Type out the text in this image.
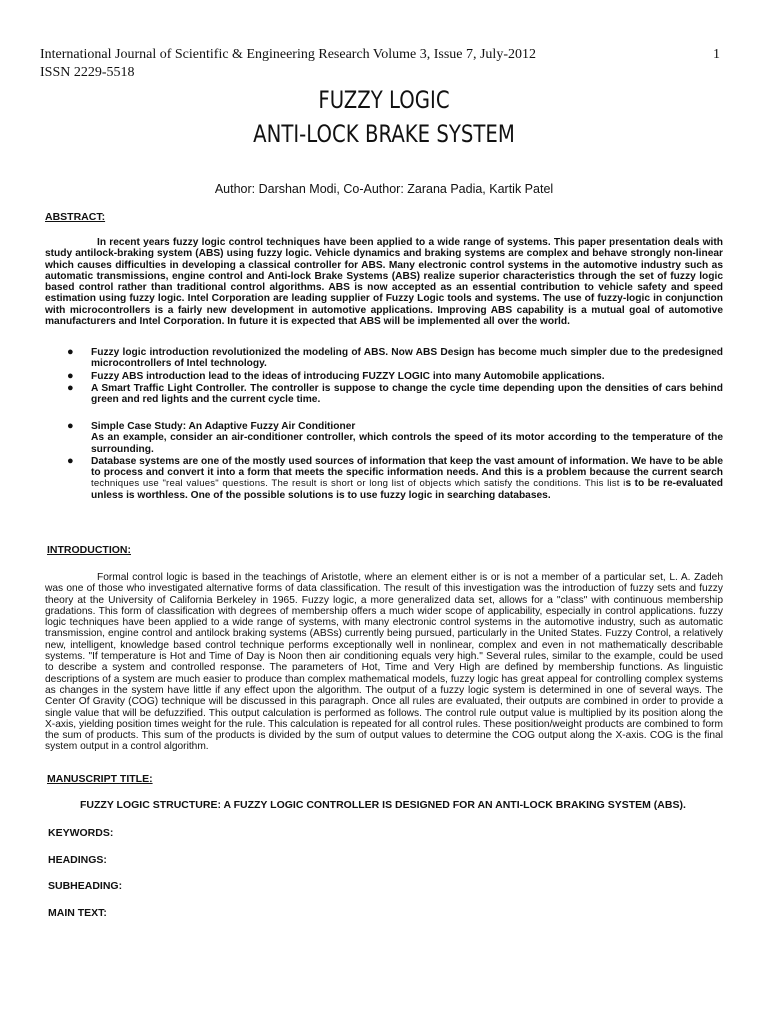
International Journal of Scientific & Engineering Research Volume 3, Issue 7, July-2012
ISSN 2229-5518
1
FUZZY LOGIC
ANTI-LOCK BRAKE SYSTEM
Author: Darshan Modi, Co-Author: Zarana Padia, Kartik Patel
ABSTRACT:
In recent years fuzzy logic control techniques have been applied to a wide range of systems. This paper presentation deals with study antilock-braking system (ABS) using fuzzy logic. Vehicle dynamics and braking systems are complex and behave strongly non-linear which causes difficulties in developing a classical controller for ABS. Many electronic control systems in the automotive industry such as automatic transmissions, engine control and Anti-lock Brake Systems (ABS) realize superior characteristics through the set of fuzzy logic based control rather than traditional control algorithms. ABS is now accepted as an essential contribution to vehicle safety and speed estimation using fuzzy logic. Intel Corporation are leading supplier of Fuzzy Logic tools and systems. The use of fuzzy-logic in conjunction with microcontrollers is a fairly new development in automotive applications. Improving ABS capability is a mutual goal of automotive manufacturers and Intel Corporation. In future it is expected that ABS will be implemented all over the world.
● Fuzzy logic introduction revolutionized the modeling of ABS. Now ABS Design has become much simpler due to the predesigned microcontrollers of Intel technology.
● Fuzzy ABS introduction lead to the ideas of introducing FUZZY LOGIC into many Automobile applications.
● A Smart Traffic Light Controller. The controller is suppose to change the cycle time depending upon the densities of cars behind green and red lights and the current cycle time.
● Simple Case Study: An Adaptive Fuzzy Air Conditioner
As an example, consider an air-conditioner controller, which controls the speed of its motor according to the temperature of the surrounding.
● Database systems are one of the mostly used sources of information that keep the vast amount of information. We have to be able to process and convert it into a form that meets the specific information needs. And this is a problem because the current search techniques use "real values" questions. The result is short or long list of objects which satisfy the conditions. This list is to be re-evaluated unless is worthless. One of the possible solutions is to use fuzzy logic in searching databases.
INTRODUCTION:
Formal control logic is based in the teachings of Aristotle, where an element either is or is not a member of a particular set, L. A. Zadeh was one of those who investigated alternative forms of data classification. The result of this investigation was the introduction of fuzzy sets and fuzzy theory at the University of California Berkeley in 1965. Fuzzy logic, a more generalized data set, allows for a "class" with continuous membership gradations. This form of classification with degrees of membership offers a much wider scope of applicability, especially in control applications. fuzzy logic techniques have been applied to a wide range of systems, with many electronic control systems in the automotive industry, such as automatic transmission, engine control and antilock braking systems (ABSs) currently being pursued, particularly in the United States. Fuzzy Control, a relatively new, intelligent, knowledge based control technique performs exceptionally well in nonlinear, complex and even in not mathematically describable systems. "If temperature is Hot and Time of Day is Noon then air conditioning equals very high." Several rules, similar to the example, could be used to describe a system and controlled response. The parameters of Hot, Time and Very High are defined by membership functions. As linguistic descriptions of a system are much easier to produce than complex mathematical models, fuzzy logic has great appeal for controlling complex systems as changes in the system have little if any effect upon the algorithm. The output of a fuzzy logic system is determined in one of several ways. The Center Of Gravity (COG) technique will be discussed in this paragraph. Once all rules are evaluated, their outputs are combined in order to provide a single value that will be defuzzified. This output calculation is performed as follows. The control rule output value is multiplied by its position along the X-axis, yielding position times weight for the rule. This calculation is repeated for all control rules. These position/weight products are combined to form the sum of products. This sum of the products is divided by the sum of output values to determine the COG output along the X-axis. COG is the final system output in a control algorithm.
MANUSCRIPT TITLE:
FUZZY LOGIC STRUCTURE: A FUZZY LOGIC CONTROLLER IS DESIGNED FOR AN ANTI-LOCK BRAKING SYSTEM (ABS).
KEYWORDS:
HEADINGS:
SUBHEADING:
MAIN TEXT:
